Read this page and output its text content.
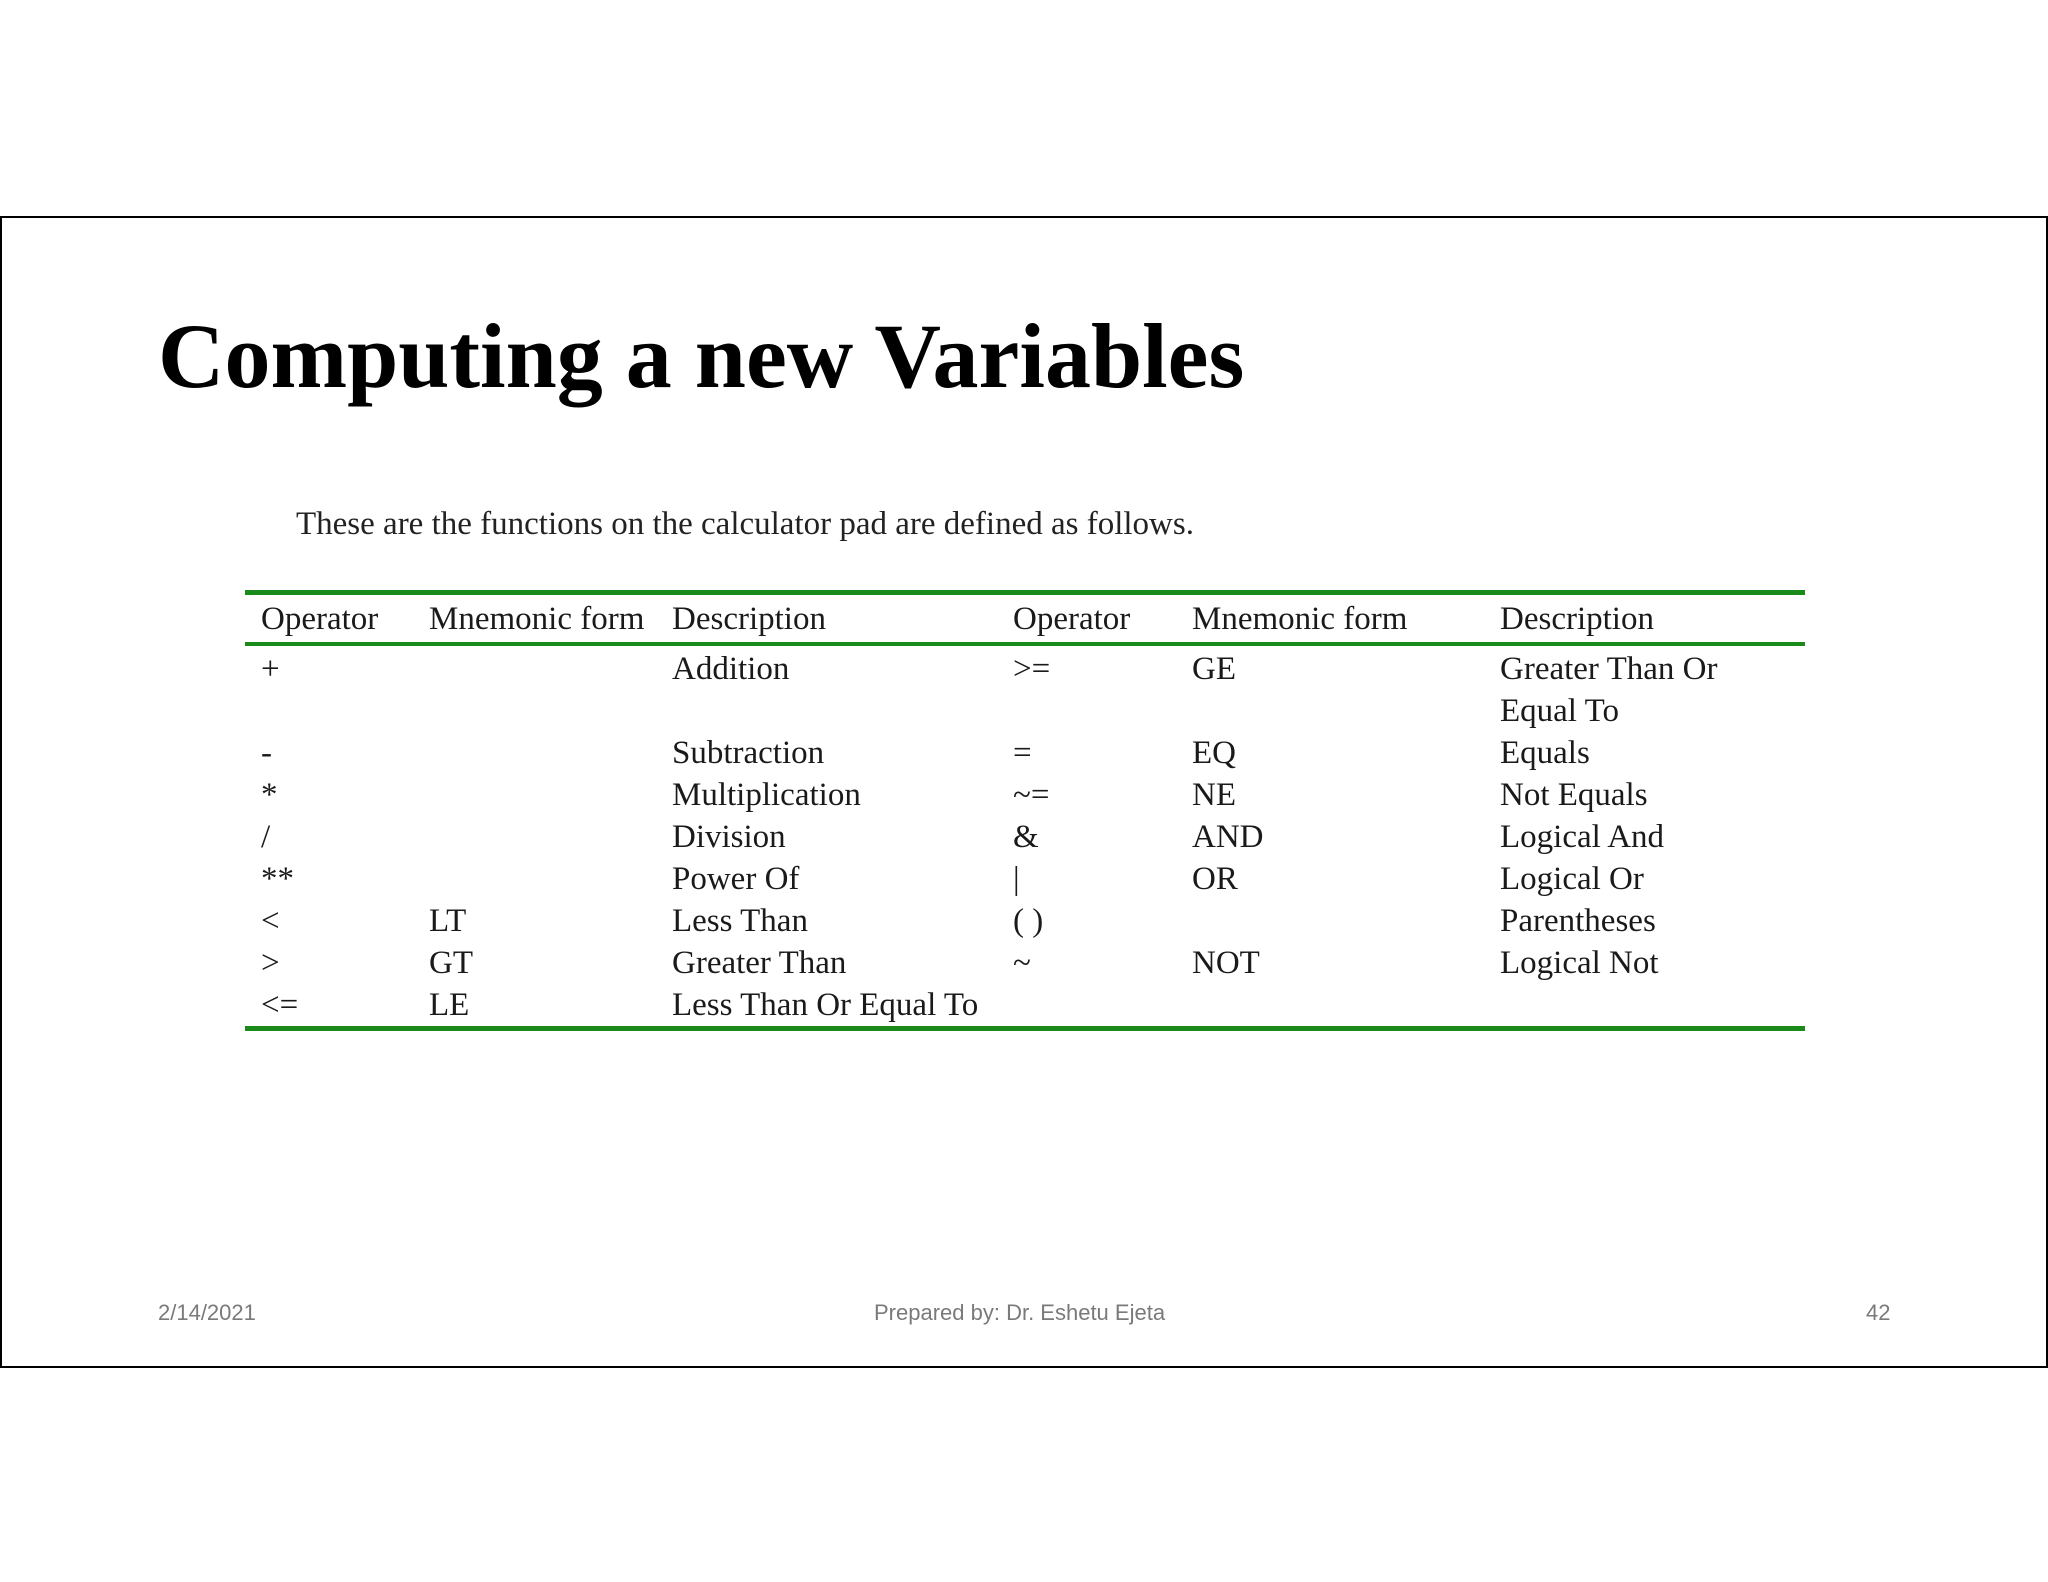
Computing a new Variables

These are the functions on the calculator pad are defined as follows.

Operator	Mnemonic form	Description	Operator	Mnemonic form	Description
+		Addition	>=	GE	Greater Than Or Equal To
-		Subtraction	=	EQ	Equals
*		Multiplication	~=	NE	Not Equals
/		Division	&	AND	Logical And
**		Power Of	|	OR	Logical Or
<	LT	Less Than	( )		Parentheses
>	GT	Greater Than	~	NOT	Logical Not
<=	LE	Less Than Or Equal To			
2/14/2021	Prepared by: Dr. Eshetu Ejeta	42
